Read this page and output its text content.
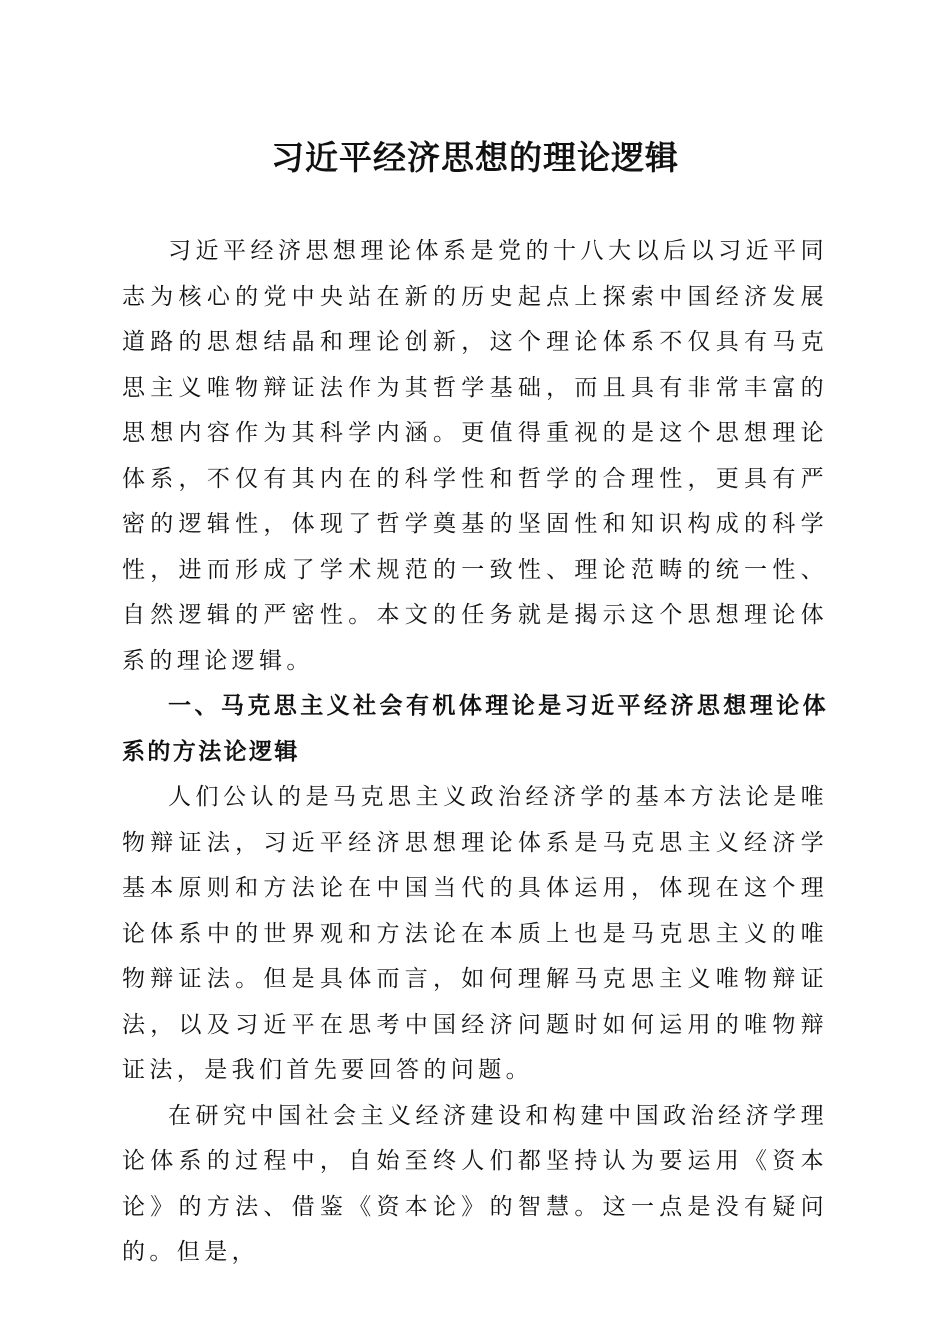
习近平经济思想的理论逻辑

习近平经济思想理论体系是党的十八大以后以习近平同志为核心的党中央站在新的历史起点上探索中国经济发展道路的思想结晶和理论创新，这个理论体系不仅具有马克思主义唯物辩证法作为其哲学基础，而且具有非常丰富的思想内容作为其科学内涵。更值得重视的是这个思想理论体系，不仅有其内在的科学性和哲学的合理性，更具有严密的逻辑性，体现了哲学奠基的坚固性和知识构成的科学性，进而形成了学术规范的一致性、理论范畴的统一性、自然逻辑的严密性。本文的任务就是揭示这个思想理论体系的理论逻辑。

一、马克思主义社会有机体理论是习近平经济思想理论体系的方法论逻辑

人们公认的是马克思主义政治经济学的基本方法论是唯物辩证法，习近平经济思想理论体系是马克思主义经济学基本原则和方法论在中国当代的具体运用，体现在这个理论体系中的世界观和方法论在本质上也是马克思主义的唯物辩证法。但是具体而言，如何理解马克思主义唯物辩证法，以及习近平在思考中国经济问题时如何运用的唯物辩证法，是我们首先要回答的问题。

在研究中国社会主义经济建设和构建中国政治经济学理论体系的过程中，自始至终人们都坚持认为要运用《资本论》的方法、借鉴《资本论》的智慧。这一点是没有疑问的。但是，
